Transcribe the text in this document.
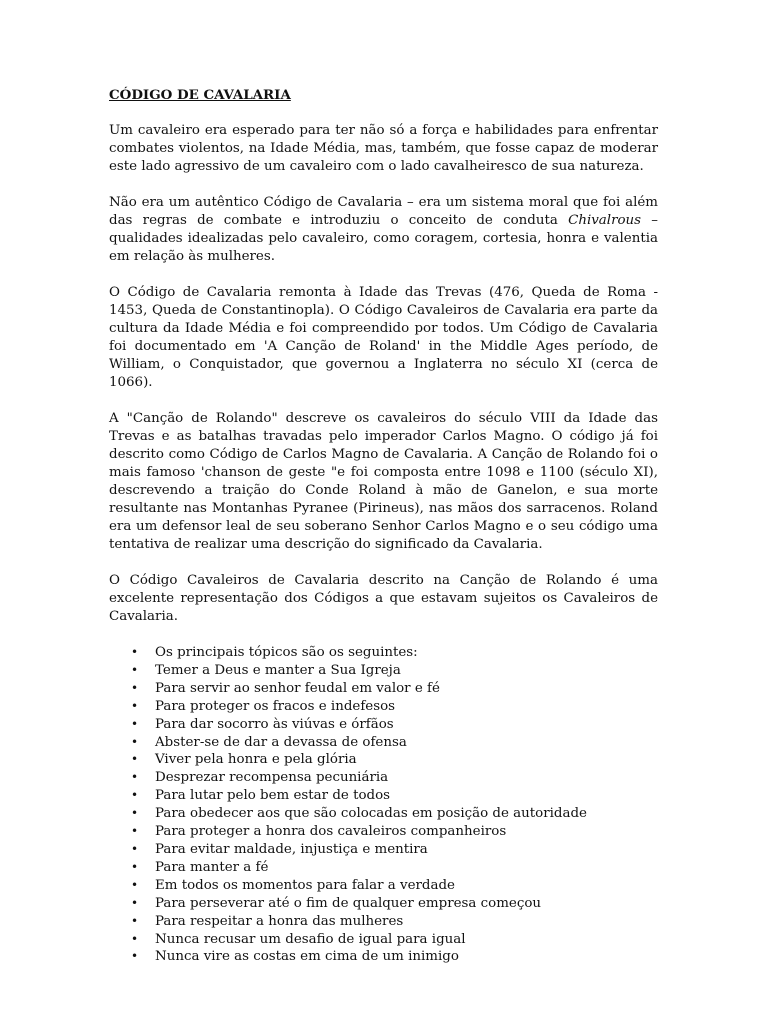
CÓDIGO DE CAVALARIA

Um cavaleiro era esperado para ter não só a força e habilidades para enfrentar combates violentos, na Idade Média, mas, também, que fosse capaz de moderar este lado agressivo de um cavaleiro com o lado cavalheiresco de sua natureza.

Não era um autêntico Código de Cavalaria – era um sistema moral que foi além das regras de combate e introduziu o conceito de conduta Chivalrous – qualidades idealizadas pelo cavaleiro, como coragem, cortesia, honra e valentia em relação às mulheres.

O Código de Cavalaria remonta à Idade das Trevas (476, Queda de Roma - 1453, Queda de Constantinopla). O Código Cavaleiros de Cavalaria era parte da cultura da Idade Média e foi compreendido por todos. Um Código de Cavalaria foi documentado em 'A Canção de Roland' in the Middle Ages período, de William, o Conquistador, que governou a Inglaterra no século XI (cerca de 1066).

A "Canção de Rolando" descreve os cavaleiros do século VIII da Idade das Trevas e as batalhas travadas pelo imperador Carlos Magno. O código já foi descrito como Código de Carlos Magno de Cavalaria. A Canção de Rolando foi o mais famoso 'chanson de geste "e foi composta entre 1098 e 1100 (século XI), descrevendo a traição do Conde Roland à mão de Ganelon, e sua morte resultante nas Montanhas Pyranee (Pirineus), nas mãos dos sarracenos. Roland era um defensor leal de seu soberano Senhor Carlos Magno e o seu código uma tentativa de realizar uma descrição do significado da Cavalaria.

O Código Cavaleiros de Cavalaria descrito na Canção de Rolando é uma excelente representação dos Códigos a que estavam sujeitos os Cavaleiros de Cavalaria.

• Os principais tópicos são os seguintes:
• Temer a Deus e manter a Sua Igreja
• Para servir ao senhor feudal em valor e fé
• Para proteger os fracos e indefesos
• Para dar socorro às viúvas e órfãos
• Abster-se de dar a devassa de ofensa
• Viver pela honra e pela glória
• Desprezar recompensa pecuniária
• Para lutar pelo bem estar de todos
• Para obedecer aos que são colocadas em posição de autoridade
• Para proteger a honra dos cavaleiros companheiros
• Para evitar maldade, injustiça e mentira
• Para manter a fé
• Em todos os momentos para falar a verdade
• Para perseverar até o fim de qualquer empresa começou
• Para respeitar a honra das mulheres
• Nunca recusar um desafio de igual para igual
• Nunca vire as costas em cima de um inimigo
